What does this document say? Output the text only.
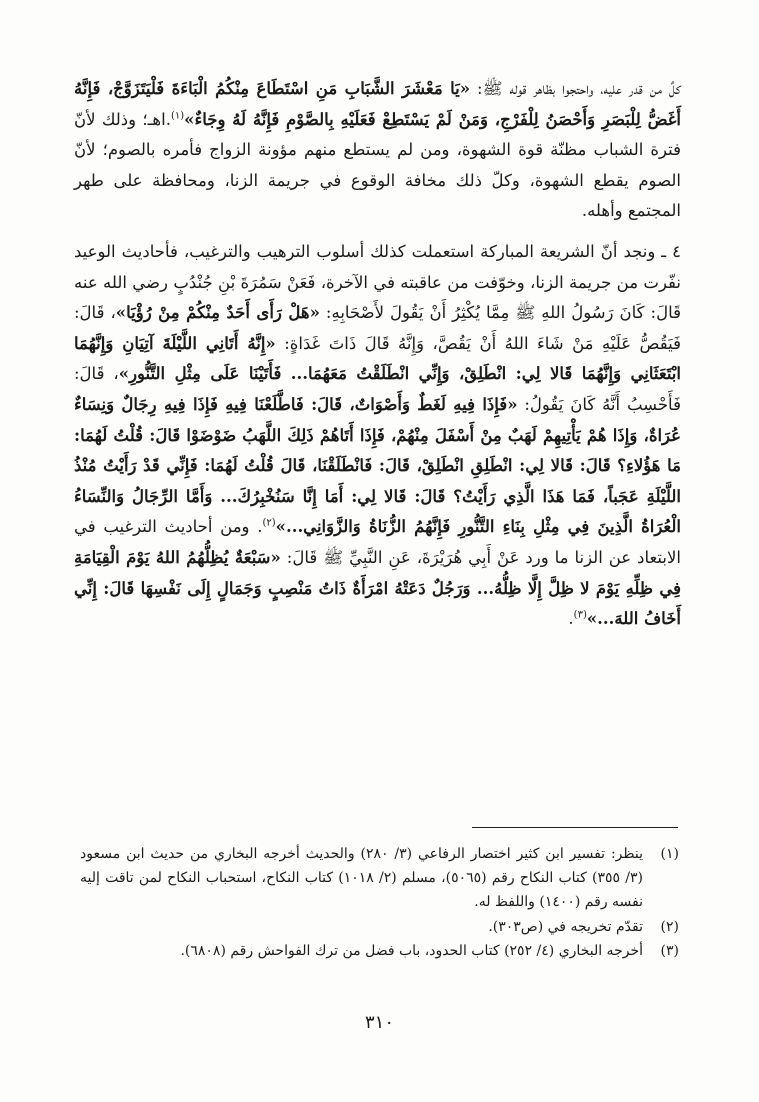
كلٌ من قدر عليه، واحتجوا بظاهر قوله ﷺ: «يَا مَعْشَرَ الشَّبَابِ مَنِ اسْتَطَاعَ مِنْكُمُ الْبَاءَةَ فَلْيَتَزَوَّجْ، فَإِنَّهُ أَغَضُّ لِلْبَصَرِ وَأَحْصَنُ لِلْفَرْجِ، وَمَنْ لَمْ يَسْتَطِعْ فَعَلَيْهِ بِالصَّوْمِ فَإِنَّهُ لَهُ وِجَاءٌ»$^{(١)}$.اهـ؛ وذلك لأنّ فترة الشباب مظنّة قوة الشهوة، ومن لم يستطع منهم مؤونة الزواج فأمره بالصوم؛ لأنّ الصوم يقطع الشهوة، وكلّ ذلك مخافة الوقوع في جريمة الزنا، ومحافظة على طهر المجتمع وأهله.

٤ ـ ونجد أنّ الشريعة المباركة استعملت كذلك أسلوب الترهيب والترغيب، فأحاديث الوعيد نفّرت من جريمة الزنا، وخوّفت من عاقبته في الآخرة، فَعَنْ سَمُرَةَ بْنِ جُنْدُبٍ رضي الله عنه قَالَ: كَانَ رَسُولُ اللهِ ﷺ مِمَّا يُكْثِرُ أَنْ يَقُولَ لأَصْحَابِهِ: «هَلْ رَأَى أَحَدٌ مِنْكُمْ مِنْ رُؤْيَا»، قَالَ: فَيَقُصُّ عَلَيْهِ مَنْ شَاءَ اللهُ أَنْ يَقُصَّ، وَإِنَّهُ قَالَ ذَاتَ غَدَاةٍ: «إِنَّهُ أَتَانِي اللَّيْلَةَ آتِيَانِ وَإِنَّهُمَا ابْتَعَثَانِي وَإِنَّهُمَا قَالا لِي: انْطَلِقْ، وَإِنِّي انْطَلَقْتُ مَعَهُمَا... فَأَتَيْنَا عَلَى مِثْلِ التَّنُّورِ»، قَالَ: فَأَحْسِبُ أَنَّهُ كَانَ يَقُولُ: «فَإِذَا فِيهِ لَغَطٌ وَأَصْوَاتٌ، قَالَ: فَاطَّلَعْنَا فِيهِ فَإِذَا فِيهِ رِجَالٌ وَنِسَاءٌ عُرَاةٌ، وَإِذَا هُمْ يَأْتِيهِمْ لَهَبٌ مِنْ أَسْفَلَ مِنْهُمْ، فَإِذَا أَتَاهُمْ ذَلِكَ اللَّهَبُ ضَوْضَوْا قَالَ: قُلْتُ لَهُمَا: مَا هَؤُلاءِ؟ قَالَ: قَالا لِي: انْطَلِقِ انْطَلِقْ، قَالَ: فَانْطَلَقْنَا، قَالَ قُلْتُ لَهُمَا: فَإِنِّي قَدْ رَأَيْتُ مُنْذُ اللَّيْلَةِ عَجَباً، فَمَا هَذَا الَّذِي رَأَيْتُ؟ قَالَ: قَالا لِي: أَمَا إِنَّا سَنُخْبِرُكَ... وَأَمَّا الرِّجَالُ وَالنِّسَاءُ الْعُرَاةُ الَّذِينَ فِي مِثْلِ بِنَاءِ التَّنُّورِ فَإِنَّهُمُ الزُّنَاةُ وَالزَّوَانِي...»$^{(٢)}$. ومن أحاديث الترغيب في الابتعاد عن الزنا ما ورد عَنْ أَبِي هُرَيْرَةَ، عَنِ النَّبِيِّ ﷺ قَالَ: «سَبْعَةٌ يُظِلُّهُمُ اللهُ يَوْمَ الْقِيَامَةِ فِي ظِلِّهِ يَوْمَ لا ظِلَّ إِلَّا ظِلُّهُ... وَرَجُلٌ دَعَتْهُ امْرَأَةٌ ذَاتُ مَنْصِبٍ وَجَمَالٍ إِلَى نَفْسِهَا قَالَ: إِنِّي أَخَافُ اللهَ...»$^{(٣)}$.

(١)
ينظر: تفسير ابن كثير اختصار الرفاعي (٣/ ٢٨٠) والحديث أخرجه البخاري من حديث ابن مسعود (٣/ ٣٥٥) كتاب النكاح رقم (٥٠٦٥)، مسلم (٢/ ١٠١٨) كتاب النكاح، استحباب النكاح لمن تاقت إليه نفسه رقم (١٤٠٠) واللفظ له.
(٢)
تقدّم تخريجه في (ص٣٠٣).
(٣)
أخرجه البخاري (٤/ ٢٥٢) كتاب الحدود، باب فضل من ترك الفواحش رقم (٦٨٠٨).
٣١٠
